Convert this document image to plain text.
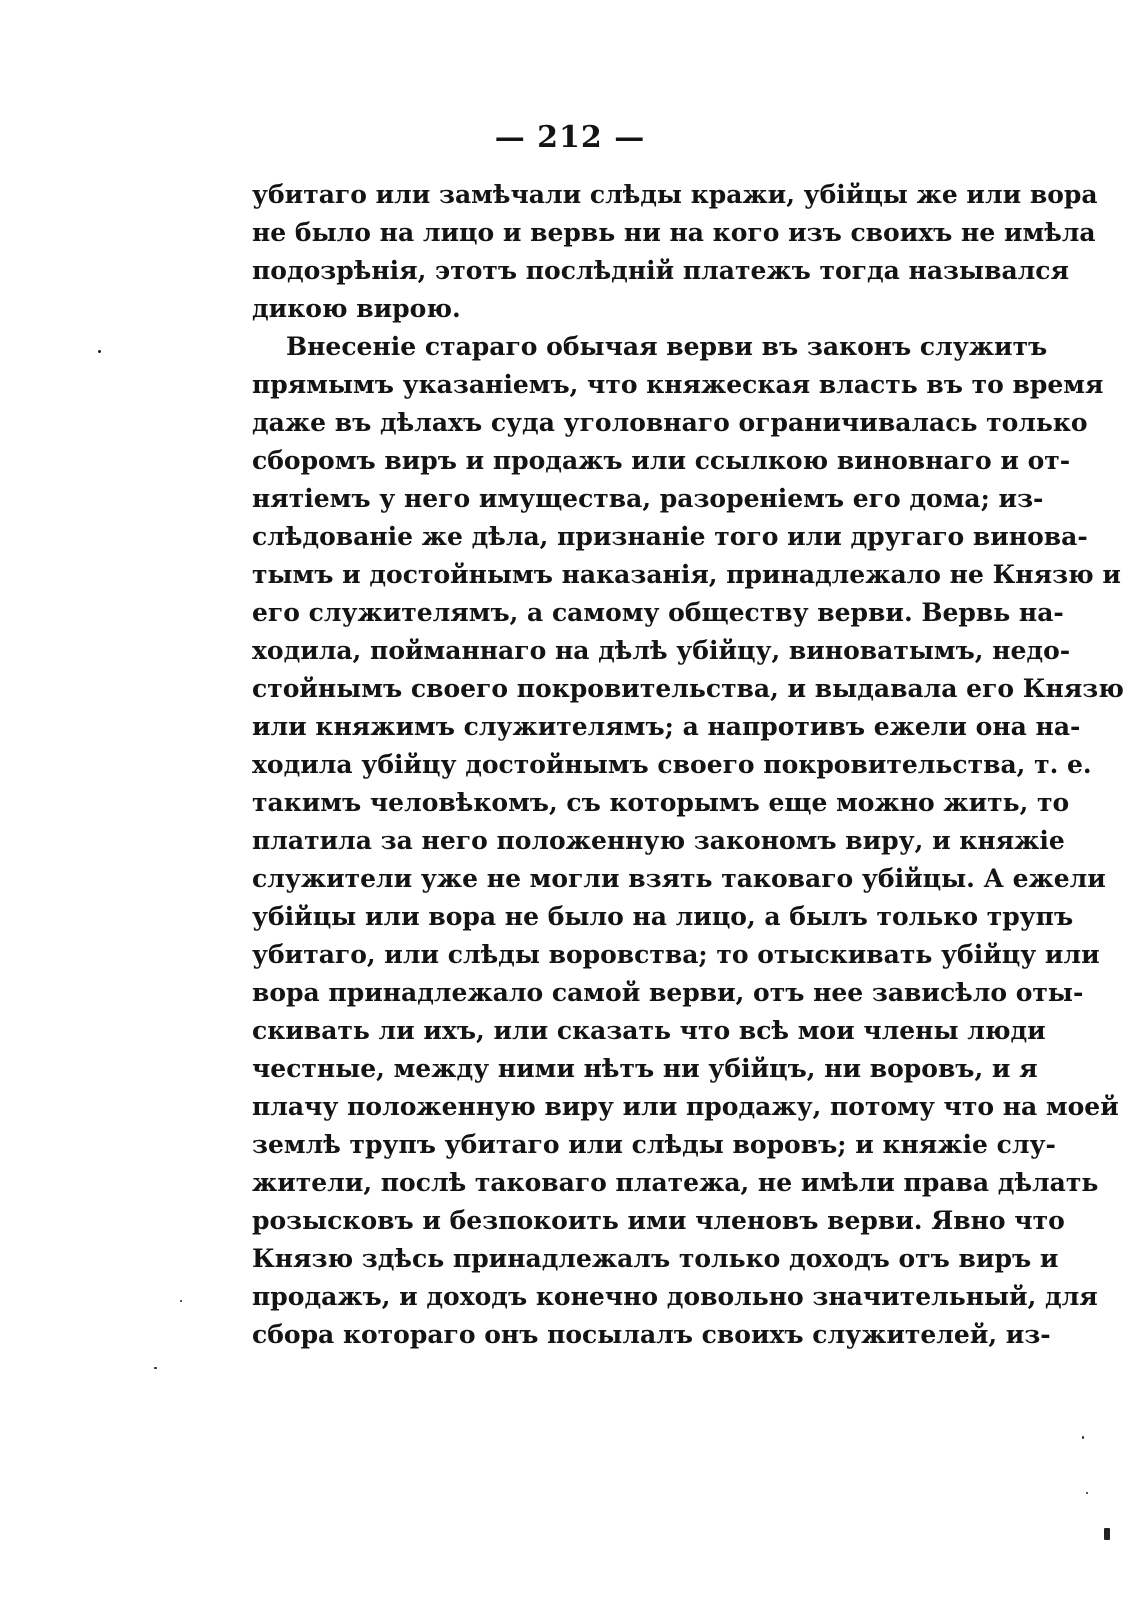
— 212 —
убитаго или замѣчали слѣды кражи, убійцы же или вора
не было на лицо и вервь ни на кого изъ своихъ не имѣла
подозрѣнія, этотъ послѣдній платежъ тогда назывался
дикою вирою.
Внесеніе стараго обычая верви въ законъ служитъ
прямымъ указаніемъ, что княжеская власть въ то время
даже въ дѣлахъ суда уголовнаго ограничивалась только
сборомъ виръ и продажъ или ссылкою виновнаго и от-
нятіемъ у него имущества, разореніемъ его дома; из-
слѣдованіе же дѣла, признаніе того или другаго винова-
тымъ и достойнымъ наказанія, принадлежало не Князю и
его служителямъ, а самому обществу верви. Вервь на-
ходила, пойманнаго на дѣлѣ убійцу, виноватымъ, недо-
стойнымъ своего покровительства, и выдавала его Князю
или княжимъ служителямъ; а напротивъ ежели она на-
ходила убійцу достойнымъ своего покровительства, т. е.
такимъ человѣкомъ, съ которымъ еще можно жить, то
платила за него положенную закономъ виру, и княжіе
служители уже не могли взять таковаго убійцы. А ежели
убійцы или вора не было на лицо, а былъ только трупъ
убитаго, или слѣды воровства; то отыскивать убійцу или
вора принадлежало самой верви, отъ нее зависѣло оты-
скивать ли ихъ, или сказать что всѣ мои члены люди
честные, между ними нѣтъ ни убійцъ, ни воровъ, и я
плачу положенную виру или продажу, потому что на моей
землѣ трупъ убитаго или слѣды воровъ; и княжіе слу-
жители, послѣ таковаго платежа, не имѣли права дѣлать
розысковъ и безпокоить ими членовъ верви. Явно что
Князю здѣсь принадлежалъ только доходъ отъ виръ и
продажъ, и доходъ конечно довольно значительный, для
сбора котораго онъ посылалъ своихъ служителей, из-
